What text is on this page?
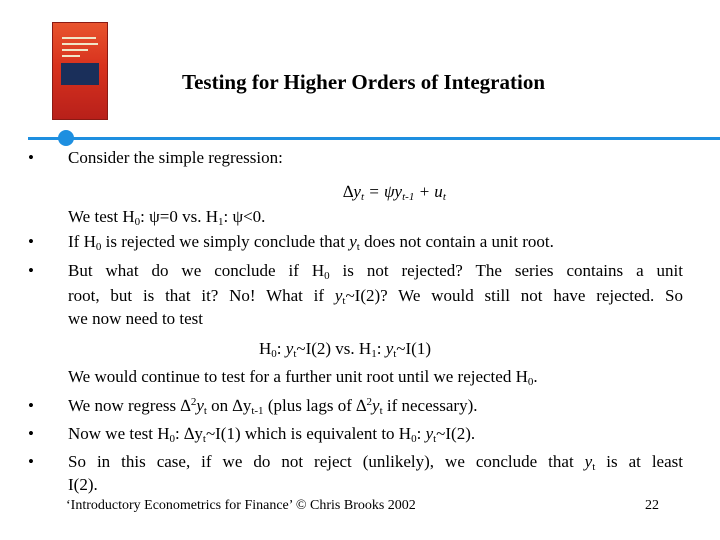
Testing for Higher Orders of Integration
• Consider the simple regression:
$\Delta y_t = \psi y_{t-1} + u_t$
We test $H_0$: ψ=0 vs. $H_1$: ψ<0.
• If $H_0$ is rejected we simply conclude that $y_t$ does not contain a unit root.
• But what do we conclude if $H_0$ is not rejected? The series contains a unit
root, but is that it? No! What if $y_t\sim I(2)$? We would still not have rejected. So
we now need to test
$H_0$: $y_t\sim I(2)$ vs. $H_1$: $y_t\sim I(1)$
We would continue to test for a further unit root until we rejected $H_0$.
• We now regress $\Delta^2y_t$ on $\Delta y_{t-1}$ (plus lags of $\Delta^2y_t$ if necessary).
• Now we test $H_0$: $\Delta y_t\sim I(1)$ which is equivalent to $H_0$: $y_t\sim I(2)$.
• So in this case, if we do not reject (unlikely), we conclude that $y_t$ is at least
I(2).
‘Introductory Econometrics for Finance’ © Chris Brooks 2002	22
